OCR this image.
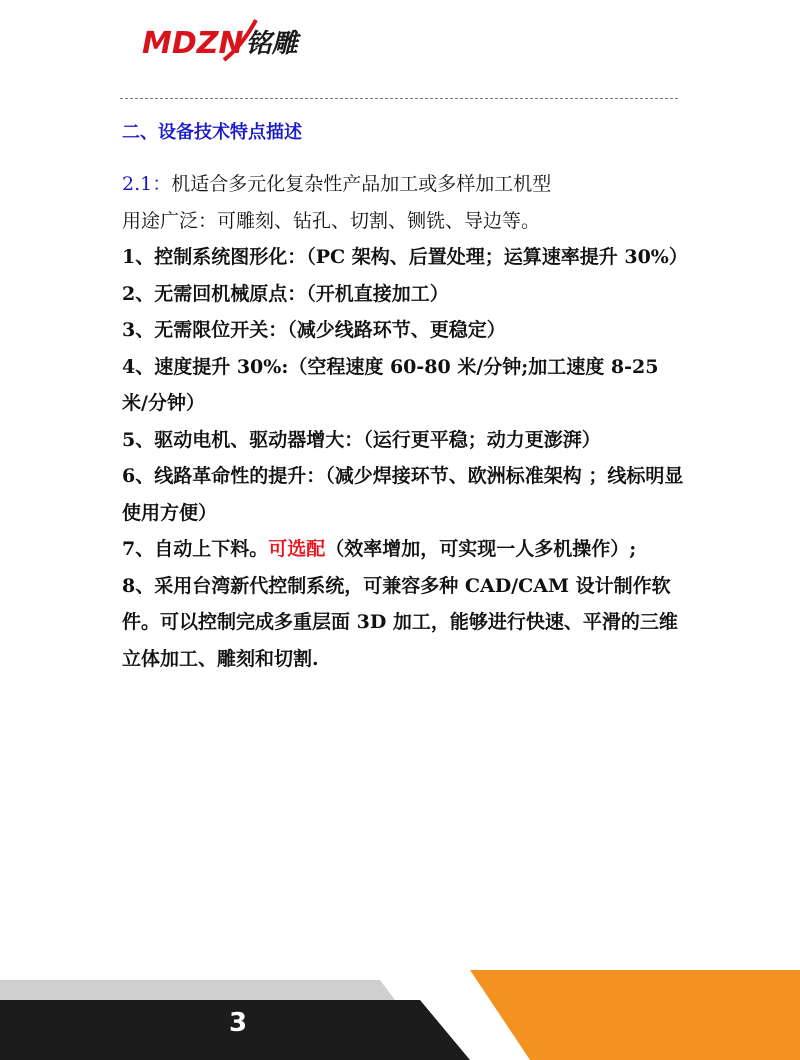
MDZN 铭雕
二、设备技术特点描述

2.1：机适合多元化复杂性产品加工或多样加工机型

用途广泛：可雕刻、钻孔、切割、铡铣、导边等。

1、控制系统图形化：（PC 架构、后置处理；运算速率提升 30%）

2、无需回机械原点：（开机直接加工）

3、无需限位开关：（减少线路环节、更稳定）

4、速度提升 30%:（空程速度 60-80 米/分钟;加工速度 8-25 米/分钟）

5、驱动电机、驱动器增大：（运行更平稳；动力更澎湃）

6、线路革命性的提升：（减少焊接环节、欧洲标准架构 ；线标明显使用方便）

7、自动上下料。可选配（效率增加，可实现一人多机操作）;

8、采用台湾新代控制系统，可兼容多种 CAD/CAM 设计制作软件。可以控制完成多重层面 3D 加工，能够进行快速、平滑的三维立体加工、雕刻和切割.

3
